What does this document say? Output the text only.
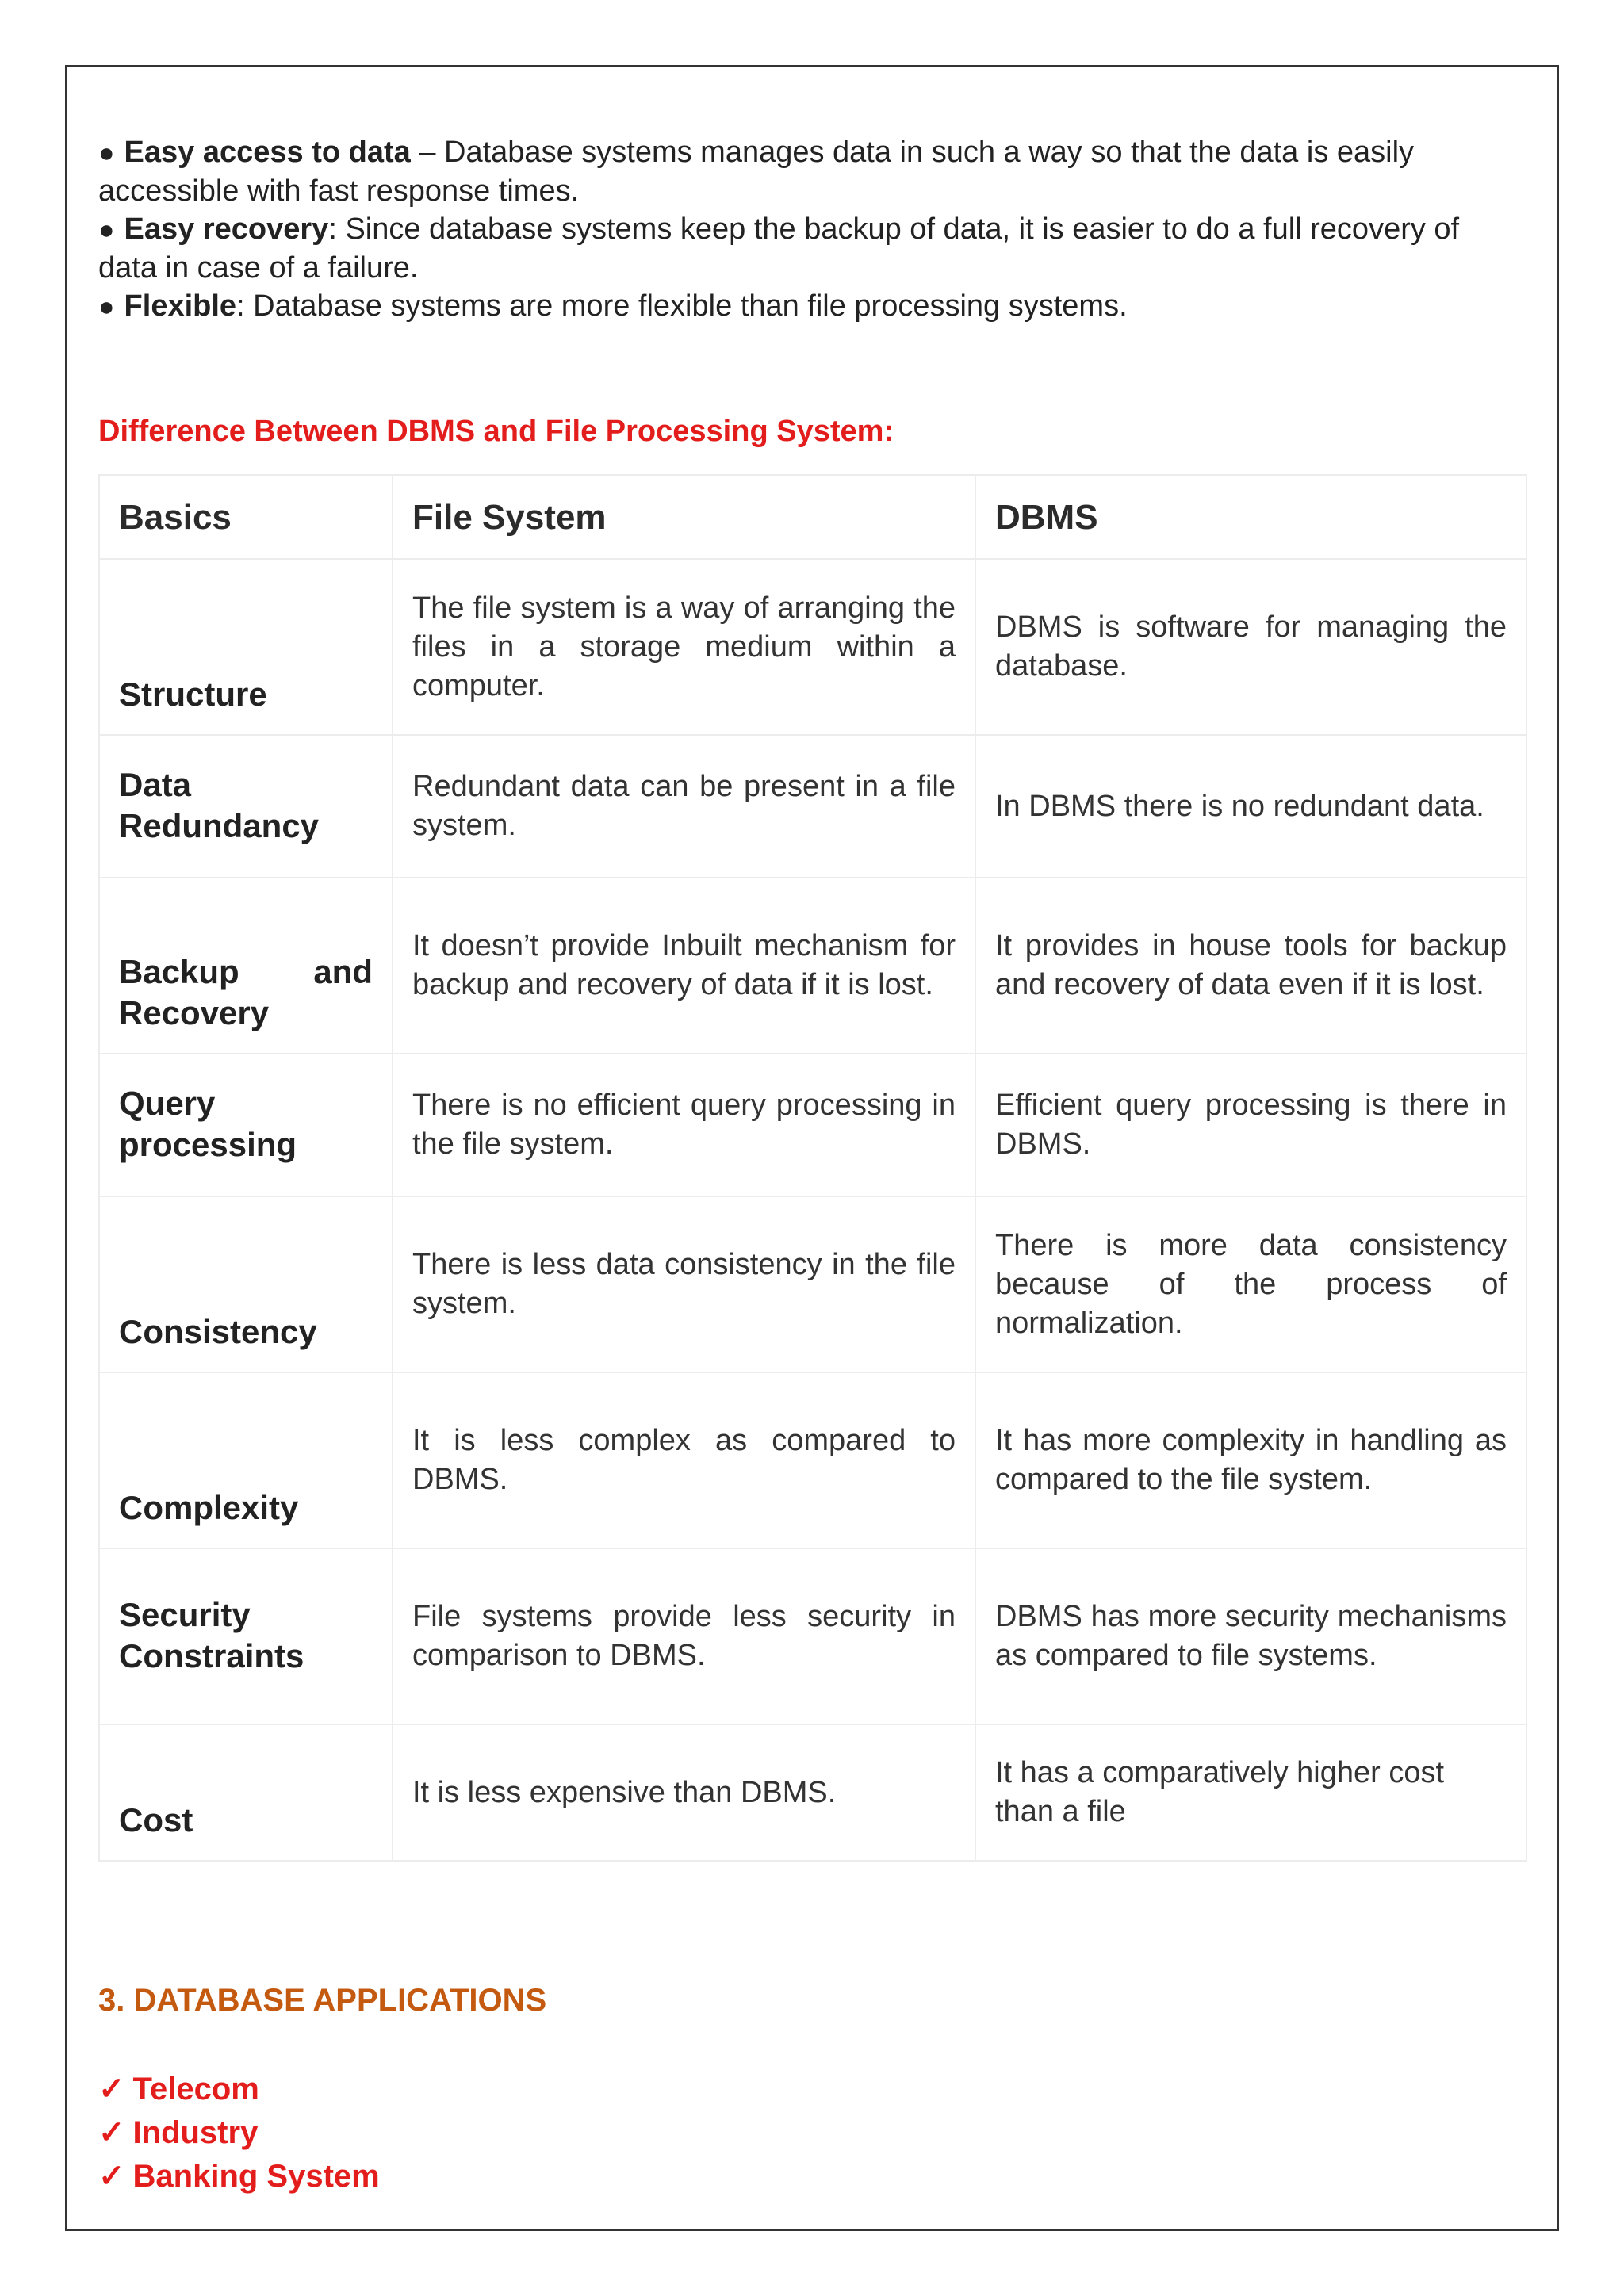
● Easy access to data – Database systems manages data in such a way so that the data is easily accessible with fast response times.

● Easy recovery: Since database systems keep the backup of data, it is easier to do a full recovery of data in case of a failure.

● Flexible: Database systems are more flexible than file processing systems.

Difference Between DBMS and File Processing System:
Basics	File System	DBMS
Structure	The file system is a way of arranging the files in a storage medium within a computer.	DBMS is software for managing the database.
Data Redundancy	Redundant data can be present in a file system.	In DBMS there is no redundant data.
Backup and Recovery	It doesn’t provide Inbuilt mechanism for backup and recovery of data if it is lost.	It provides in house tools for backup and recovery of data even if it is lost.
Query processing	There is no efficient query processing in the file system.	Efficient query processing is there in DBMS.
Consistency	There is less data consistency in the file system.	There is more data consistency because of the process of normalization.
Complexity	It is less complex as compared to DBMS.	It has more complexity in handling as compared to the file system.
Security Constraints	File systems provide less security in comparison to DBMS.	DBMS has more security mechanisms as compared to file systems.
Cost	It is less expensive than DBMS.	It has a comparatively higher cost than a file
3. DATABASE APPLICATIONS
✓ Telecom
✓ Industry
✓ Banking System
